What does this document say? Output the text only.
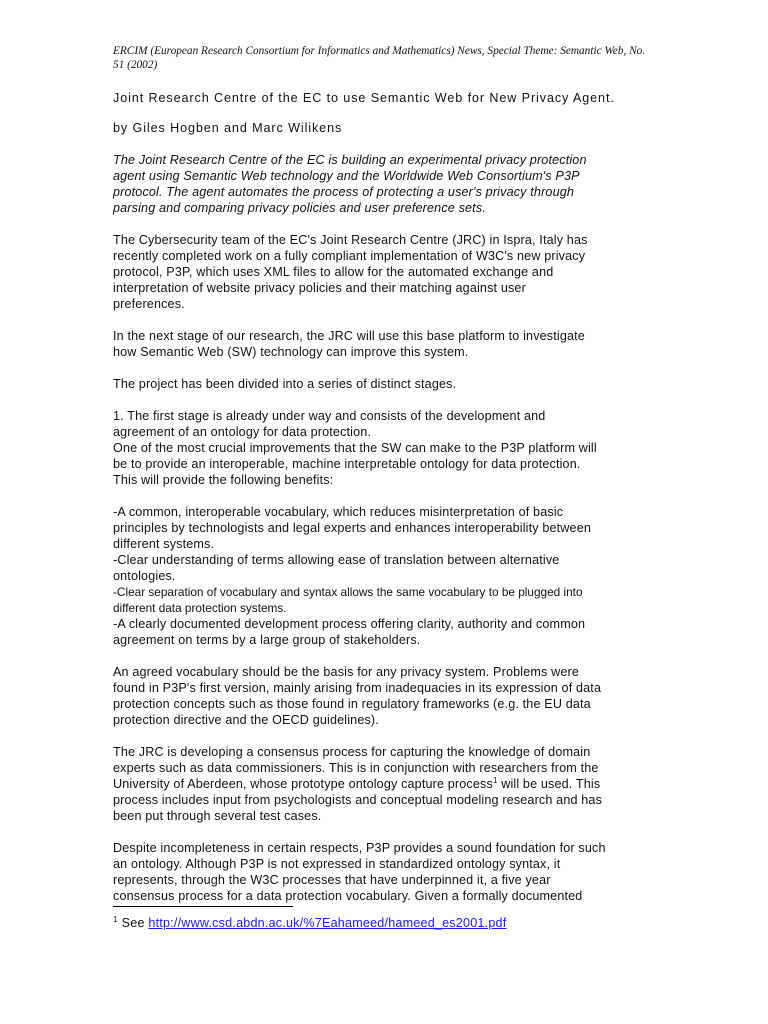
ERCIM (European Research Consortium for Informatics and Mathematics) News, Special Theme: Semantic Web, No.
51 (2002)
Joint Research Centre of the EC to use Semantic Web for New Privacy Agent.
by Giles Hogben and Marc Wilikens
The Joint Research Centre of the EC is building an experimental privacy protection
agent using Semantic Web technology and the Worldwide Web Consortium's P3P
protocol. The agent automates the process of protecting a user's privacy through
parsing and comparing privacy policies and user preference sets.
The Cybersecurity team of the EC's Joint Research Centre (JRC) in Ispra, Italy has
recently completed work on a fully compliant implementation of W3C's new privacy
protocol, P3P, which uses XML files to allow for the automated exchange and
interpretation of website privacy policies and their matching against user
preferences.
In the next stage of our research, the JRC will use this base platform to investigate
how Semantic Web (SW) technology can improve this system.
The project has been divided into a series of distinct stages.
1. The first stage is already under way and consists of the development and
agreement of an ontology for data protection.
One of the most crucial improvements that the SW can make to the P3P platform will
be to provide an interoperable, machine interpretable ontology for data protection.
This will provide the following benefits:
-A common, interoperable vocabulary, which reduces misinterpretation of basic
principles by technologists and legal experts and enhances interoperability between
different systems.
-Clear understanding of terms allowing ease of translation between alternative
ontologies.
-Clear separation of vocabulary and syntax allows the same vocabulary to be plugged into
different data protection systems.
-A clearly documented development process offering clarity, authority and common
agreement on terms by a large group of stakeholders.
An agreed vocabulary should be the basis for any privacy system. Problems were
found in P3P's first version, mainly arising from inadequacies in its expression of data
protection concepts such as those found in regulatory frameworks (e.g. the EU data
protection directive and the OECD guidelines).
The JRC is developing a consensus process for capturing the knowledge of domain
experts such as data commissioners. This is in conjunction with researchers from the
University of Aberdeen, whose prototype ontology capture process$^1$ will be used. This
process includes input from psychologists and conceptual modeling research and has
been put through several test cases.
Despite incompleteness in certain respects, P3P provides a sound foundation for such
an ontology. Although P3P is not expressed in standardized ontology syntax, it
represents, through the W3C processes that have underpinned it, a five year
consensus process for a data protection vocabulary. Given a formally documented
$^1$ See http://www.csd.abdn.ac.uk/%7Eahameed/hameed_es2001.pdf
